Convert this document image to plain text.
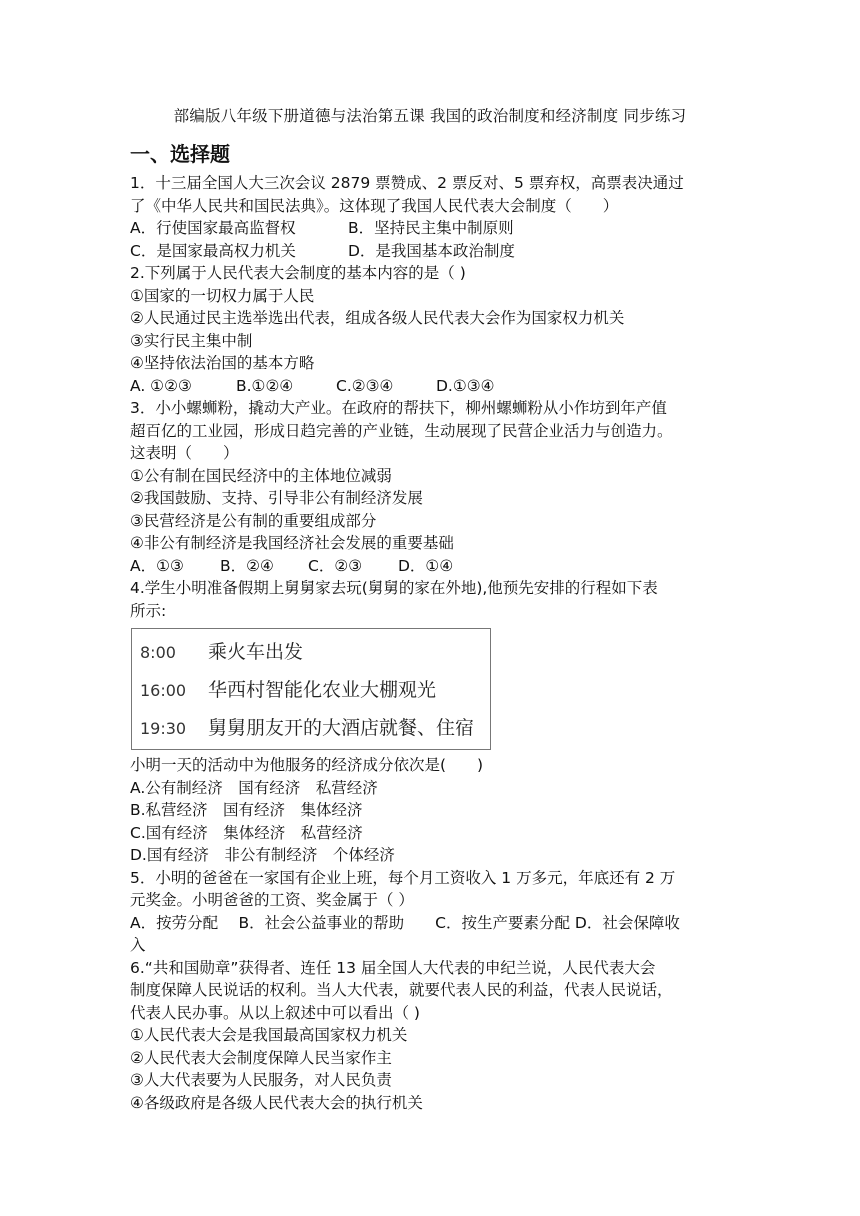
部编版八年级下册道德与法治第五课 我国的政治制度和经济制度 同步练习
一、选择题
1．十三届全国人大三次会议 2879 票赞成、2 票反对、5 票弃权，高票表决通过
了《中华人民共和国民法典》。这体现了我国人民代表大会制度（　　）
A．行使国家最高监督权	B．坚持民主集中制原则
C．是国家最高权力机关	D．是我国基本政治制度
2.下列属于人民代表大会制度的基本内容的是（ )
①国家的一切权力属于人民
②人民通过民主选举选出代表，组成各级人民代表大会作为国家权力机关
③实行民主集中制
④坚持依法治国的基本方略
A. ①②③	B.①②④	C.②③④	D.①③④
3．小小螺蛳粉，撬动大产业。在政府的帮扶下，柳州螺蛳粉从小作坊到年产值
超百亿的工业园，形成日趋完善的产业链，生动展现了民营企业活力与创造力。
这表明（　　）
①公有制在国民经济中的主体地位减弱
②我国鼓励、支持、引导非公有制经济发展
③民营经济是公有制的重要组成部分
④非公有制经济是我国经济社会发展的重要基础
A．①③ B．②④ C．②③ D．①④
4.学生小明准备假期上舅舅家去玩(舅舅的家在外地),他预先安排的行程如下表
所示:
8:00 乘火车出发
16:00 华西村智能化农业大棚观光
19:30 舅舅朋友开的大酒店就餐、住宿
小明一天的活动中为他服务的经济成分依次是(　　)
A.公有制经济　国有经济　私营经济
B.私营经济　国有经济　集体经济
C.国有经济　集体经济　私营经济
D.国有经济　非公有制经济　个体经济
5．小明的爸爸在一家国有企业上班，每个月工资收入 1 万多元，年底还有 2 万
元奖金。小明爸爸的工资、奖金属于（ ）
A．按劳分配　 B．社会公益事业的帮助　　C．按生产要素分配 D．社会保障收
入
6.“共和国勋章”获得者、连任 13 届全国人大代表的申纪兰说，人民代表大会
制度保障人民说话的权利。当人大代表，就要代表人民的利益，代表人民说话，
代表人民办事。从以上叙述中可以看出（ )
①人民代表大会是我国最高国家权力机关
②人民代表大会制度保障人民当家作主
③人大代表要为人民服务，对人民负责
④各级政府是各级人民代表大会的执行机关
